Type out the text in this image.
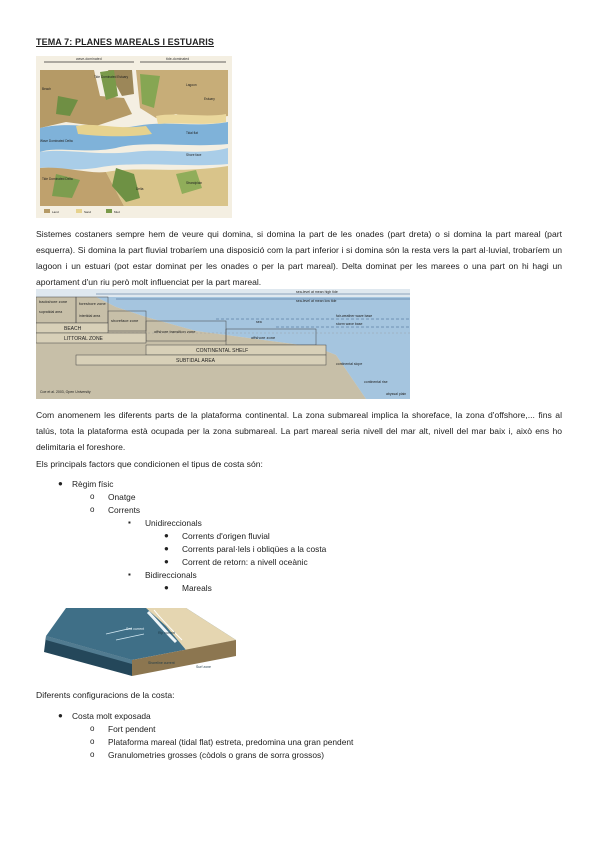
TEMA 7: PLANES MAREALS I ESTUARIS
wave-dominated	tide-dominated
Tide Dominated Estuary
Lagoon
Wave Dominated Delta
Tidal flat
Beach
Strandplain
Estuary
Delta
Tide Dominated Delta
Shore face
Land	Sand	Mud

Sistemes costaners sempre hem de veure qui domina, si domina la part de les onades (part dreta) o si domina la part mareal (part esquerra). Si domina la part fluvial trobaríem una disposició com la part inferior i si domina són la resta vers la part al·luvial, trobaríem un lagoon i un estuari (pot estar dominat per les onades o per la part mareal). Delta dominat per les marees o una part on hi hagi un aportament d'un riu però molt influenciat per la part mareal.

backshore zone
supratidal area
foreshore zone
intertidal area
shoreface zone
BEACH
LITTORAL ZONE
offshore transition zone
offshore zone
CONTINENTAL SHELF
SUBTIDAL AREA	continental slope
continental rise
abyssal plain
sea-level at mean high tide
sea-level at mean low tide
fair-weather wave base
storm wave base
sea
Coe et al. 2003, Open University

Com anomenem les diferents parts de la plataforma continental. La zona submareal implica la shoreface, la zona d'offshore,... fins al talús, tota la plataforma està ocupada per la zona submareal. La part mareal seria nivell del mar alt, nivell del mar baix i, això ens ho delimitaria el foreshore.

Els principals factors que condicionen el tipus de costa són:

● Règim físic
o Onatge
o Corrents
▪ Unidireccionals
● Corrents d'origen fluvial
● Corrents paral·lels i obliqües a la costa
● Corrent de retorn: a nivell oceànic
▪ Bidireccionals
● Mareals
Sea current
Rip current
Shoreline current
Surf zone

Diferents configuracions de la costa:

● Costa molt exposada
o Fort pendent
o Plataforma mareal (tidal flat) estreta, predomina una gran pendent
o Granulometries grosses (còdols o grans de sorra grossos)
